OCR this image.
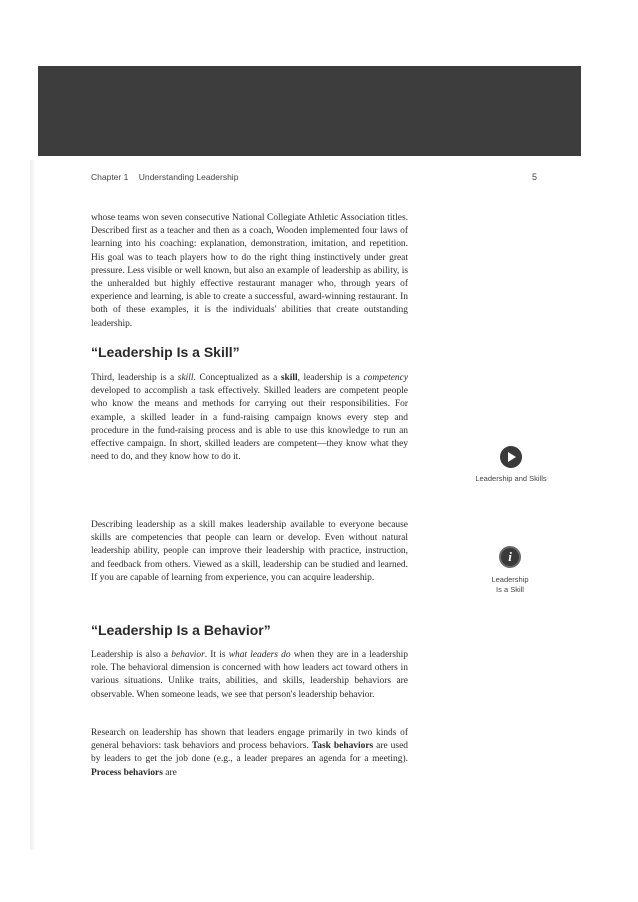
Chapter 1 Understanding Leadership	5

whose teams won seven consecutive National Collegiate Athletic Association titles. Described first as a teacher and then as a coach, Wooden implemented four laws of learning into his coaching: explanation, demonstration, imitation, and repetition. His goal was to teach players how to do the right thing instinctively under great pressure. Less visible or well known, but also an example of leadership as ability, is the unheralded but highly effective restaurant manager who, through years of experience and learning, is able to create a successful, award-winning restaurant. In both of these examples, it is the individuals' abilities that create outstanding leadership.

“Leadership Is a Skill”

Third, leadership is a skill. Conceptualized as a skill, leadership is a competency developed to accomplish a task effectively. Skilled leaders are competent people who know the means and methods for carrying out their responsibilities. For example, a skilled leader in a fund-raising campaign knows every step and procedure in the fund-raising process and is able to use this knowledge to run an effective campaign. In short, skilled leaders are competent—they know what they need to do, and they know how to do it.

Describing leadership as a skill makes leadership available to everyone because skills are competencies that people can learn or develop. Even without natural leadership ability, people can improve their leadership with practice, instruction, and feedback from others. Viewed as a skill, leadership can be studied and learned. If you are capable of learning from experience, you can acquire leadership.

“Leadership Is a Behavior”

Leadership is also a behavior. It is what leaders do when they are in a leadership role. The behavioral dimension is concerned with how leaders act toward others in various situations. Unlike traits, abilities, and skills, leadership behaviors are observable. When someone leads, we see that person's leadership behavior.

Research on leadership has shown that leaders engage primarily in two kinds of general behaviors: task behaviors and process behaviors. Task behaviors are used by leaders to get the job done (e.g., a leader prepares an agenda for a meeting). Process behaviors are

Leadership and Skills
i
Leadership
Is a Skill
